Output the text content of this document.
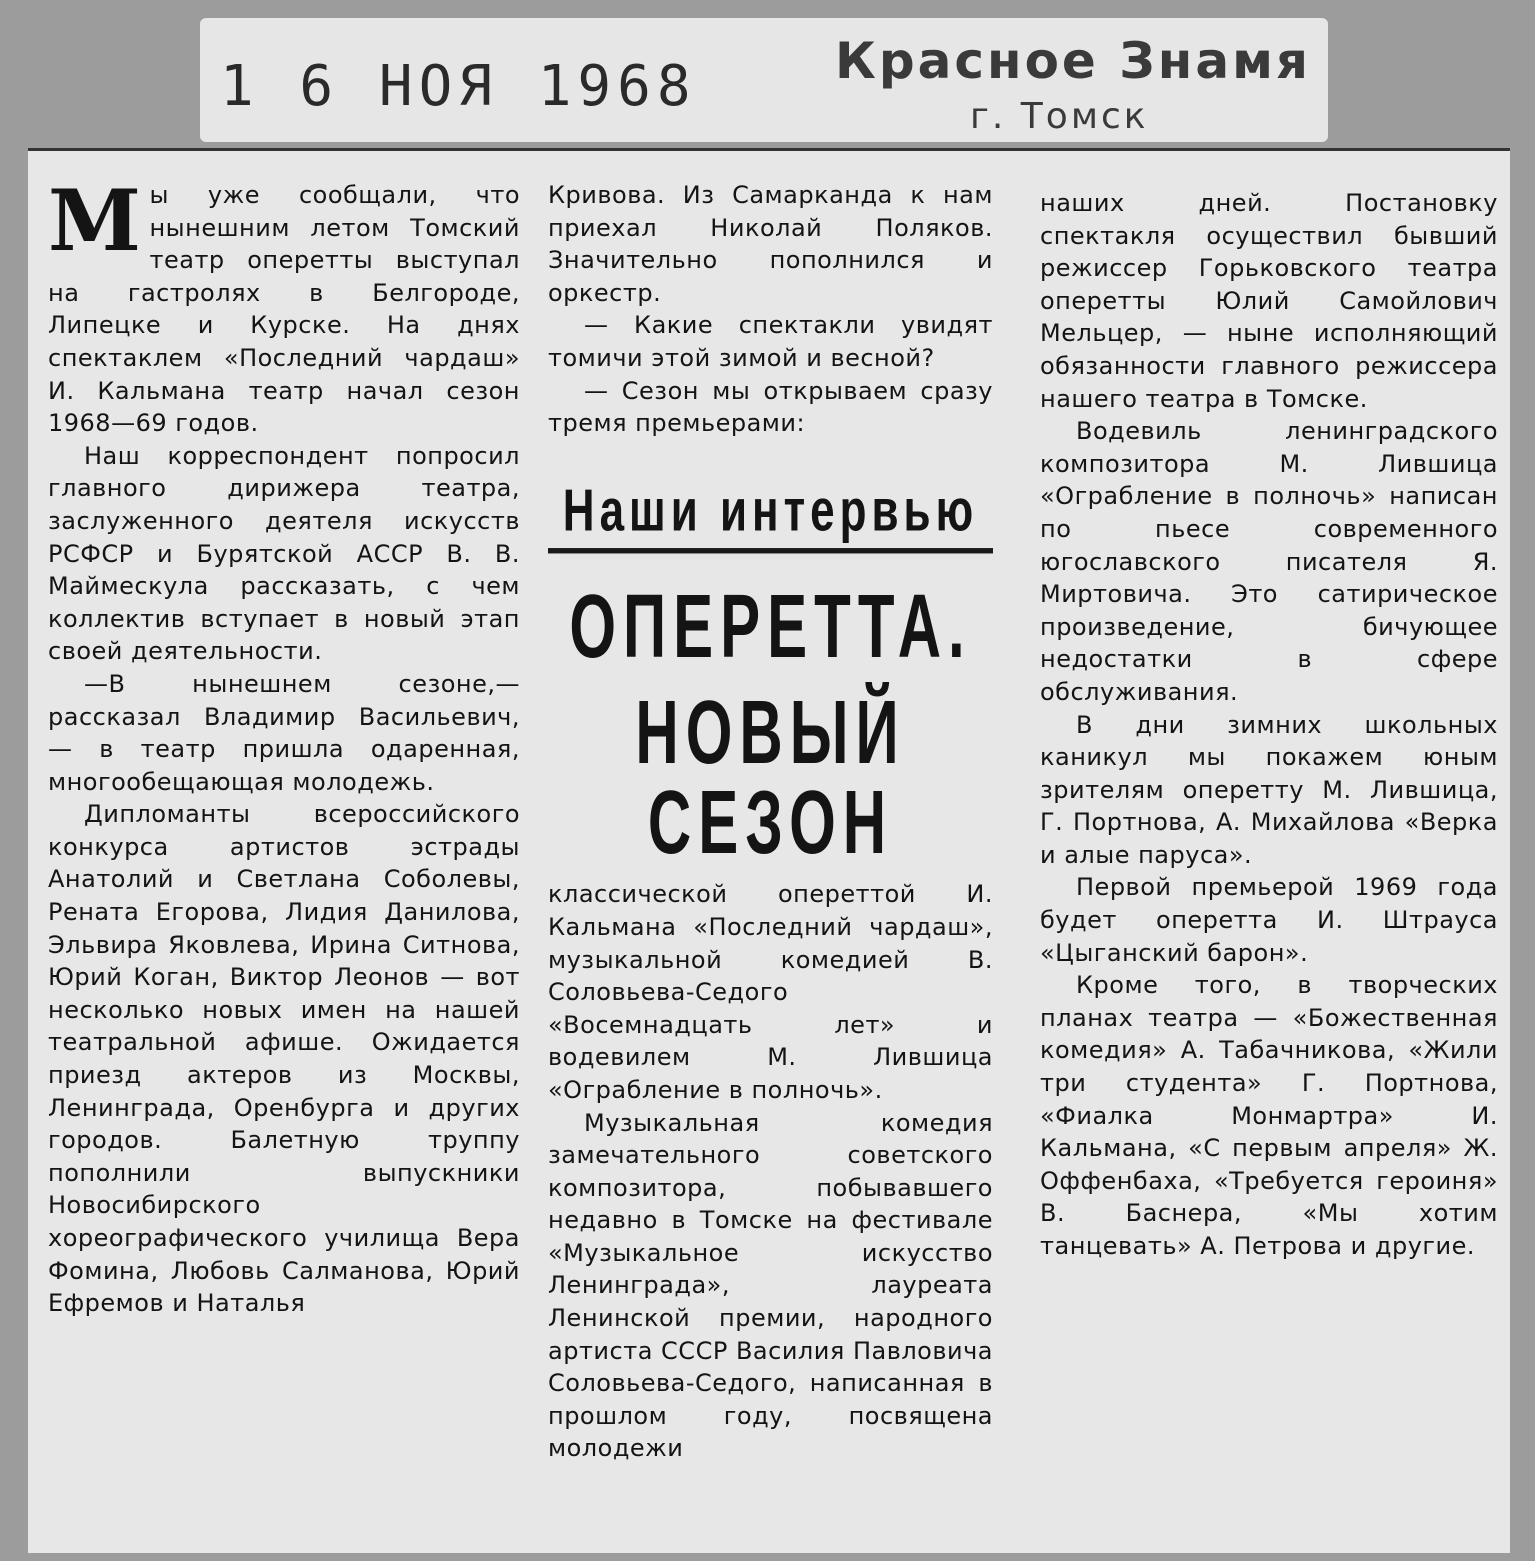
1 6 НОЯ 1968	Красное Знамя
г. Томск

Мы уже сообщали, что нынешним летом Томский театр оперетты выступал на гастролях в Белгороде, Липецке и Курске. На днях спектаклем «Последний чардаш» И. Кальмана театр начал сезон 1968—69 годов.

Наш корреспондент попросил главного дирижера театра, заслуженного деятеля искусств РСФСР и Бурятской АССР В. В. Маймескула рассказать, с чем коллектив вступает в новый этап своей деятельности.

—В нынешнем сезоне,— рассказал Владимир Васильевич, — в театр пришла одаренная, многообещающая молодежь.

Дипломанты всероссийского конкурса артистов эстрады Анатолий и Светлана Соболевы, Рената Егорова, Лидия Данилова, Эльвира Яковлева, Ирина Ситнова, Юрий Коган, Виктор Леонов — вот несколько новых имен на нашей театральной афише. Ожидается приезд актеров из Москвы, Ленинграда, Оренбурга и других городов. Балетную труппу пополнили выпускники Новосибирского хореографического училища Вера Фомина, Любовь Салманова, Юрий Ефремов и Наталья

Кривова. Из Самарканда к нам приехал Николай Поляков. Значительно пополнился и оркестр.

— Какие спектакли увидят томичи этой зимой и весной?

— Сезон мы открываем сразу тремя премьерами:

Наши интервью
ОПЕРЕТТА.
НОВЫЙ СЕЗОН

классической опереттой И. Кальмана «Последний чардаш», музыкальной комедией В. Соловьева-Седого «Восемнадцать лет» и водевилем М. Лившица «Ограбление в полночь».

Музыкальная комедия замечательного советского композитора, побывавшего недавно в Томске на фестивале «Музыкальное искусство Ленинграда», лауреата Ленинской премии, народного артиста СССР Василия Павловича Соловьева-Седого, написанная в прошлом году, посвящена молодежи

наших дней. Постановку спектакля осуществил бывший режиссер Горьковского театра оперетты Юлий Самойлович Мельцер, — ныне исполняющий обязанности главного режиссера нашего театра в Томске.

Водевиль ленинградского композитора М. Лившица «Ограбление в полночь» написан по пьесе современного югославского писателя Я. Миртовича. Это сатирическое произведение, бичующее недостатки в сфере обслуживания.

В дни зимних школьных каникул мы покажем юным зрителям оперетту М. Лившица, Г. Портнова, А. Михайлова «Верка и алые паруса».

Первой премьерой 1969 года будет оперетта И. Штрауса «Цыганский барон».

Кроме того, в творческих планах театра — «Божественная комедия» А. Табачникова, «Жили три студента» Г. Портнова, «Фиалка Монмартра» И. Кальмана, «С первым апреля» Ж. Оффенбаха, «Требуется героиня» В. Баснера, «Мы хотим танцевать» А. Петрова и другие.
